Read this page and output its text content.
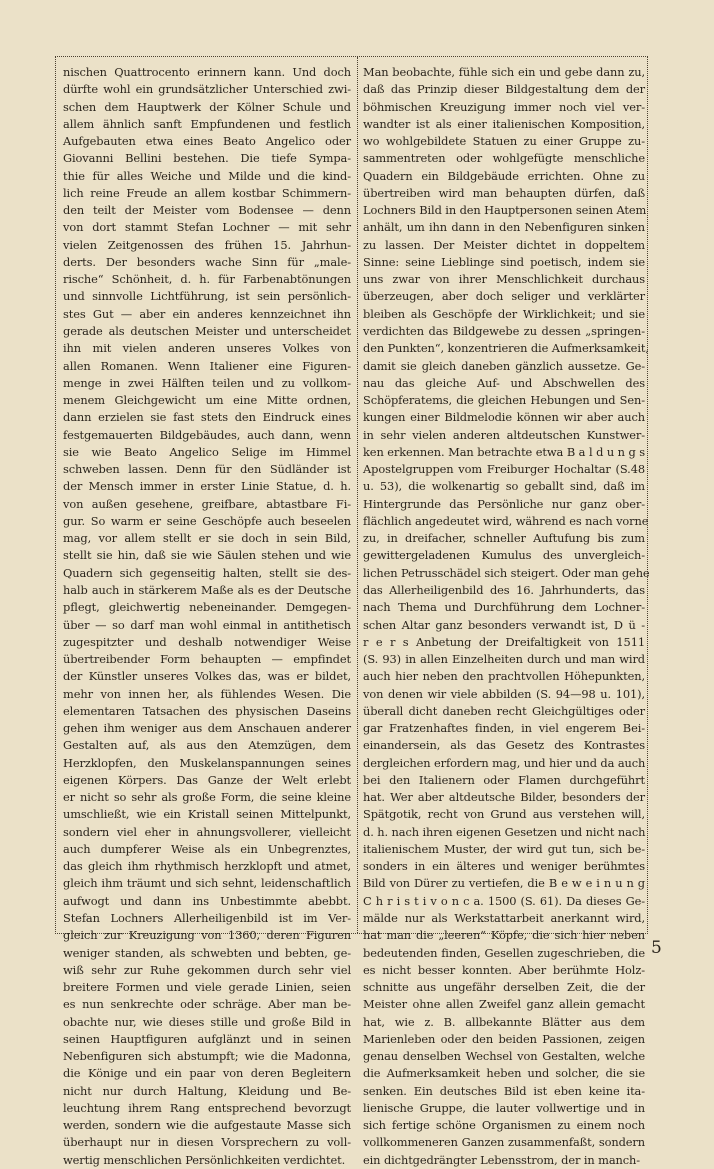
nischen Quattrocento erinnern kann. Und doch
dürfte wohl ein grundsätzlicher Unterschied zwi-
schen dem Hauptwerk der Kölner Schule und
allem ähnlich sanft Empfundenen und festlich
Aufgebauten etwa eines Beato Angelico oder
Giovanni Bellini bestehen. Die tiefe Sympa-
thie für alles Weiche und Milde und die kind-
lich reine Freude an allem kostbar Schimmern-
den teilt der Meister vom Bodensee — denn
von dort stammt Stefan Lochner — mit sehr
vielen Zeitgenossen des frühen 15. Jahrhun-
derts. Der besonders wache Sinn für „male-
rische“ Schönheit, d. h. für Farbenabtönungen
und sinnvolle Lichtführung, ist sein persönlich-
stes Gut — aber ein anderes kennzeichnet ihn
gerade als deutschen Meister und unterscheidet
ihn mit vielen anderen unseres Volkes von
allen Romanen. Wenn Italiener eine Figuren-
menge in zwei Hälften teilen und zu vollkom-
menem Gleichgewicht um eine Mitte ordnen,
dann erzielen sie fast stets den Eindruck eines
festgemauerten Bildgebäudes, auch dann, wenn
sie wie Beato Angelico Selige im Himmel
schweben lassen. Denn für den Südländer ist
der Mensch immer in erster Linie Statue, d. h.
von außen gesehene, greifbare, abtastbare Fi-
gur. So warm er seine Geschöpfe auch beseelen
mag, vor allem stellt er sie doch in sein Bild,
stellt sie hin, daß sie wie Säulen stehen und wie
Quadern sich gegenseitig halten, stellt sie des-
halb auch in stärkerem Maße als es der Deutsche
pflegt, gleichwertig nebeneinander. Demgegen-
über — so darf man wohl einmal in antithetisch
zugespitzter und deshalb notwendiger Weise
übertreibender Form behaupten — empfindet
der Künstler unseres Volkes das, was er bildet,
mehr von innen her, als fühlendes Wesen. Die
elementaren Tatsachen des physischen Daseins
gehen ihm weniger aus dem Anschauen anderer
Gestalten auf, als aus den Atemzügen, dem
Herzklopfen, den Muskelanspannungen seines
eigenen Körpers. Das Ganze der Welt erlebt
er nicht so sehr als große Form, die seine kleine
umschließt, wie ein Kristall seinen Mittelpunkt,
sondern viel eher in ahnungsvollerer, vielleicht
auch dumpferer Weise als ein Unbegrenztes,
das gleich ihm rhythmisch herzklopft und atmet,
gleich ihm träumt und sich sehnt, leidenschaftlich
aufwogt und dann ins Unbestimmte abebbt.
Stefan Lochners Allerheiligenbild ist im Ver-
gleich zur Kreuzigung von 1360, deren Figuren
weniger standen, als schwebten und bebten, ge-
wiß sehr zur Ruhe gekommen durch sehr viel
breitere Formen und viele gerade Linien, seien
es nun senkrechte oder schräge. Aber man be-
obachte nur, wie dieses stille und große Bild in
seinen Hauptfiguren aufglänzt und in seinen
Nebenfiguren sich abstumpft; wie die Madonna,
die Könige und ein paar von deren Begleitern
nicht nur durch Haltung, Kleidung und Be-
leuchtung ihrem Rang entsprechend bevorzugt
werden, sondern wie die aufgestaute Masse sich
überhaupt nur in diesen Vorsprechern zu voll-
wertig menschlichen Persönlichkeiten verdichtet.
Man beobachte, fühle sich ein und gebe dann zu,
daß das Prinzip dieser Bildgestaltung dem der
böhmischen Kreuzigung immer noch viel ver-
wandter ist als einer italienischen Komposition,
wo wohlgebildete Statuen zu einer Gruppe zu-
sammentreten oder wohlgefügte menschliche
Quadern ein Bildgebäude errichten. Ohne zu
übertreiben wird man behaupten dürfen, daß
Lochners Bild in den Hauptpersonen seinen Atem
anhält, um ihn dann in den Nebenfiguren sinken
zu lassen. Der Meister dichtet in doppeltem
Sinne: seine Lieblinge sind poetisch, indem sie
uns zwar von ihrer Menschlichkeit durchaus
überzeugen, aber doch seliger und verklärter
bleiben als Geschöpfe der Wirklichkeit; und sie
verdichten das Bildgewebe zu dessen „springen-
den Punkten“, konzentrieren die Aufmerksamkeit,
damit sie gleich daneben gänzlich aussetze. Ge-
nau das gleiche Auf- und Abschwellen des
Schöpferatems, die gleichen Hebungen und Sen-
kungen einer Bildmelodie können wir aber auch
in sehr vielen anderen altdeutschen Kunstwer-
ken erkennen. Man betrachte etwa B a l d u n g s
Apostelgruppen vom Freiburger Hochaltar (S.48
u. 53), die wolkenartig so geballt sind, daß im
Hintergrunde das Persönliche nur ganz ober-
flächlich angedeutet wird, während es nach vorne
zu, in dreifacher, schneller Auftufung bis zum
gewittergeladenen Kumulus des unvergleich-
lichen Petrusschädel sich steigert. Oder man gehe
das Allerheiligenbild des 16. Jahrhunderts, das
nach Thema und Durchführung dem Lochner-
schen Altar ganz besonders verwandt ist, D ü -
r e r s Anbetung der Dreifaltigkeit von 1511
(S. 93) in allen Einzelheiten durch und man wird
auch hier neben den prachtvollen Höhepunkten,
von denen wir viele abbilden (S. 94—98 u. 101),
überall dicht daneben recht Gleichgültiges oder
gar Fratzenhaftes finden, in viel engerem Bei-
einandersein, als das Gesetz des Kontrastes
dergleichen erfordern mag, und hier und da auch
bei den Italienern oder Flamen durchgeführt
hat. Wer aber altdeutsche Bilder, besonders der
Spätgotik, recht von Grund aus verstehen will,
d. h. nach ihren eigenen Gesetzen und nicht nach
italienischem Muster, der wird gut tun, sich be-
sonders in ein älteres und weniger berühmtes
Bild von Dürer zu vertiefen, die B e w e i n u n g
C h r i s t i v o n c a. 1500 (S. 61). Da dieses Ge-
mälde nur als Werkstattarbeit anerkannt wird,
hat man die „leeren“ Köpfe, die sich hier neben
bedeutenden finden, Gesellen zugeschrieben, die
es nicht besser konnten. Aber berühmte Holz-
schnitte aus ungefähr derselben Zeit, die der
Meister ohne allen Zweifel ganz allein gemacht
hat, wie z. B. allbekannte Blätter aus dem
Marienleben oder den beiden Passionen, zeigen
genau denselben Wechsel von Gestalten, welche
die Aufmerksamkeit heben und solcher, die sie
senken. Ein deutsches Bild ist eben keine ita-
lienische Gruppe, die lauter vollwertige und in
sich fertige schöne Organismen zu einem noch
vollkommeneren Ganzen zusammenfaßt, sondern
ein dichtgedrängter Lebensstrom, der in manch-
5
